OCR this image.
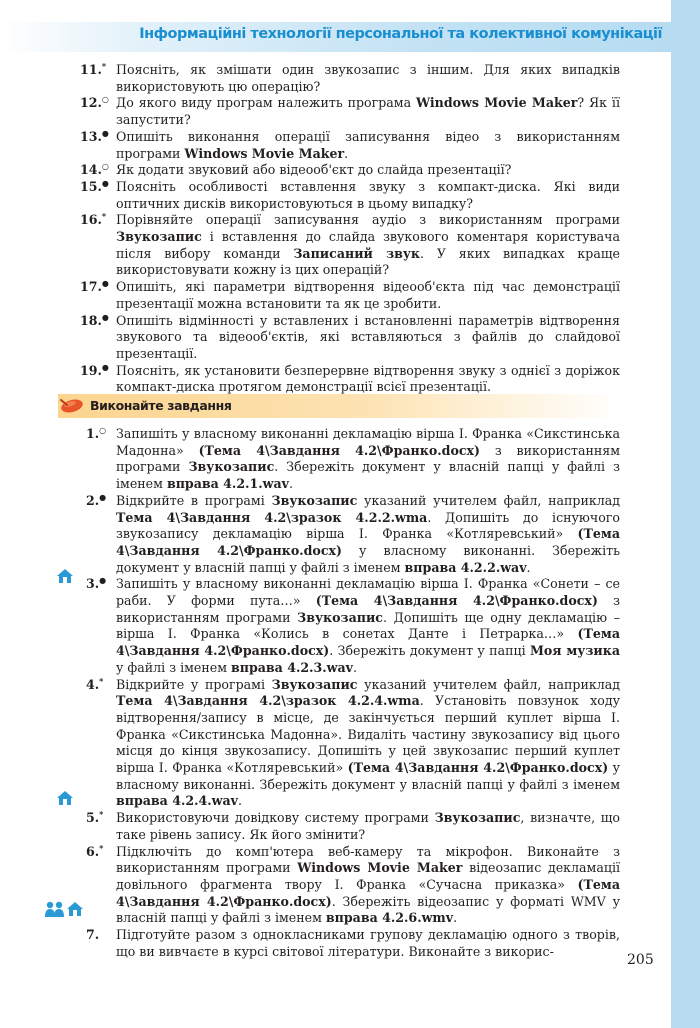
Інформаційні технології персональної та колективної комунікації
11.* Поясніть, як змішати один звукозапис з іншим. Для яких випадків використовують цю операцію?
12.○ До якого виду програм належить програма Windows Movie Maker? Як її запустити?
13.● Опишіть виконання операції записування відео з використанням програми Windows Movie Maker.
14.○ Як додати звуковий або відеооб'єкт до слайда презентації?
15.● Поясніть особливості вставлення звуку з компакт-диска. Які види оптичних дисків використовуються в цьому випадку?
16.* Порівняйте операції записування аудіо з використанням програми Звукозапис і вставлення до слайда звукового коментаря користувача після вибору команди Записаний звук. У яких випадках краще використовувати кожну із цих операцій?
17.● Опишіть, які параметри відтворення відеооб'єкта під час демонстрації презентації можна встановити та як це зробити.
18.● Опишіть відмінності у вставлених і встановленні параметрів відтворення звукового та відеооб'єктів, які вставляються з файлів до слайдової презентації.
19.● Поясніть, як установити безперервне відтворення звуку з однієї з доріжок компакт-диска протягом демонстрації всієї презентації.
Виконайте завдання
1.○ Запишіть у власному виконанні декламацію вірша І. Франка «Сикстинська Мадонна» (Тема 4\Завдання 4.2\Франко.docx) з використанням програми Звукозапис. Збережіть документ у власній папці у файлі з іменем вправа 4.2.1.wav.
2.● Відкрийте в програмі Звукозапис указаний учителем файл, наприклад Тема 4\Завдання 4.2\зразок 4.2.2.wma. Допишіть до існуючого звукозапису декламацію вірша І. Франка «Котляревський» (Тема 4\Завдання 4.2\Франко.docx) у власному виконанні. Збережіть документ у власній папці у файлі з іменем вправа 4.2.2.wav.
3.● Запишіть у власному виконанні декламацію вірша І. Франка «Сонети – се раби. У форми пута…» (Тема 4\Завдання 4.2\Франко.docx) з використанням програми Звукозапис. Допишіть ще одну декламацію – вірша І. Франка «Колись в сонетах Данте і Петрарка…» (Тема 4\Завдання 4.2\Франко.docx). Збережіть документ у папці Моя музика у файлі з іменем вправа 4.2.3.wav.
4.* Відкрийте у програмі Звукозапис указаний учителем файл, наприклад Тема 4\Завдання 4.2\зразок 4.2.4.wma. Установіть повзунок ходу відтворення/запису в місце, де закінчується перший куплет вірша І. Франка «Сикстинська Мадонна». Видаліть частину звукозапису від цього місця до кінця звукозапису. Допишіть у цей звукозапис перший куплет вірша І. Франка «Котляревський» (Тема 4\Завдання 4.2\Франко.docx) у власному виконанні. Збережіть документ у власній папці у файлі з іменем вправа 4.2.4.wav.
5.* Використовуючи довідкову систему програми Звукозапис, визначте, що таке рівень запису. Як його змінити?
6.* Підключіть до комп'ютера веб-камеру та мікрофон. Виконайте з використанням програми Windows Movie Maker відеозапис декламації довільного фрагмента твору І. Франка «Сучасна приказка» (Тема 4\Завдання 4.2\Франко.docx). Збережіть відеозапис у форматі WMV у власній папці у файлі з іменем вправа 4.2.6.wmv.
7. Підготуйте разом з однокласниками групову декламацію одного з творів, що ви вивчаєте в курсі світової літератури. Виконайте з викорис-
205
